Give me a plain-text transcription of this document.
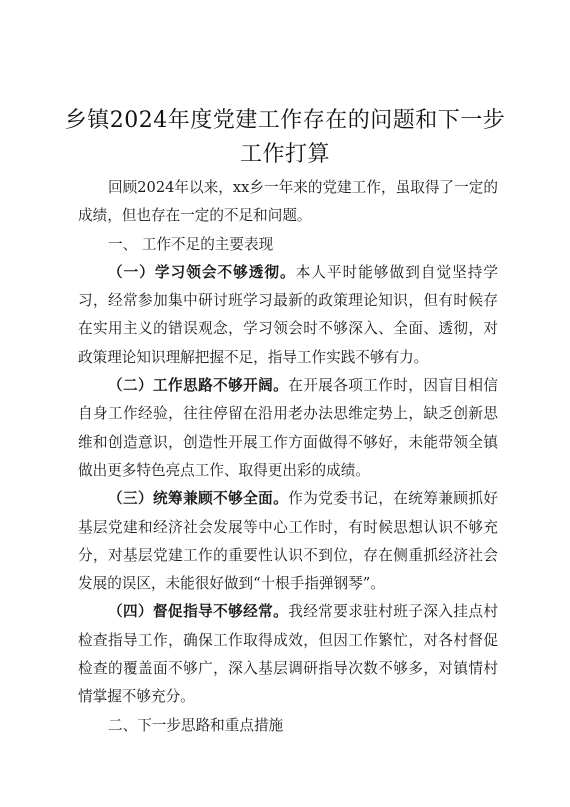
乡镇2024年度党建工作存在的问题和下一步
工作打算

回顾2024年以来，xx乡一年来的党建工作，虽取得了一定的成绩，但也存在一定的不足和问题。

一、 工作不足的主要表现

（一）学习领会不够透彻。本人平时能够做到自觉坚持学习，经常参加集中研讨班学习最新的政策理论知识，但有时候存在实用主义的错误观念，学习领会时不够深入、全面、透彻，对政策理论知识理解把握不足，指导工作实践不够有力。

（二）工作思路不够开阔。在开展各项工作时，因盲目相信自身工作经验，往往停留在沿用老办法思维定势上，缺乏创新思维和创造意识，创造性开展工作方面做得不够好，未能带领全镇做出更多特色亮点工作、取得更出彩的成绩。

（三）统筹兼顾不够全面。作为党委书记，在统筹兼顾抓好基层党建和经济社会发展等中心工作时，有时候思想认识不够充分，对基层党建工作的重要性认识不到位，存在侧重抓经济社会发展的误区，未能很好做到“十根手指弹钢琴”。

（四）督促指导不够经常。我经常要求驻村班子深入挂点村检查指导工作，确保工作取得成效，但因工作繁忙，对各村督促检查的覆盖面不够广，深入基层调研指导次数不够多，对镇情村情掌握不够充分。

二、下一步思路和重点措施
